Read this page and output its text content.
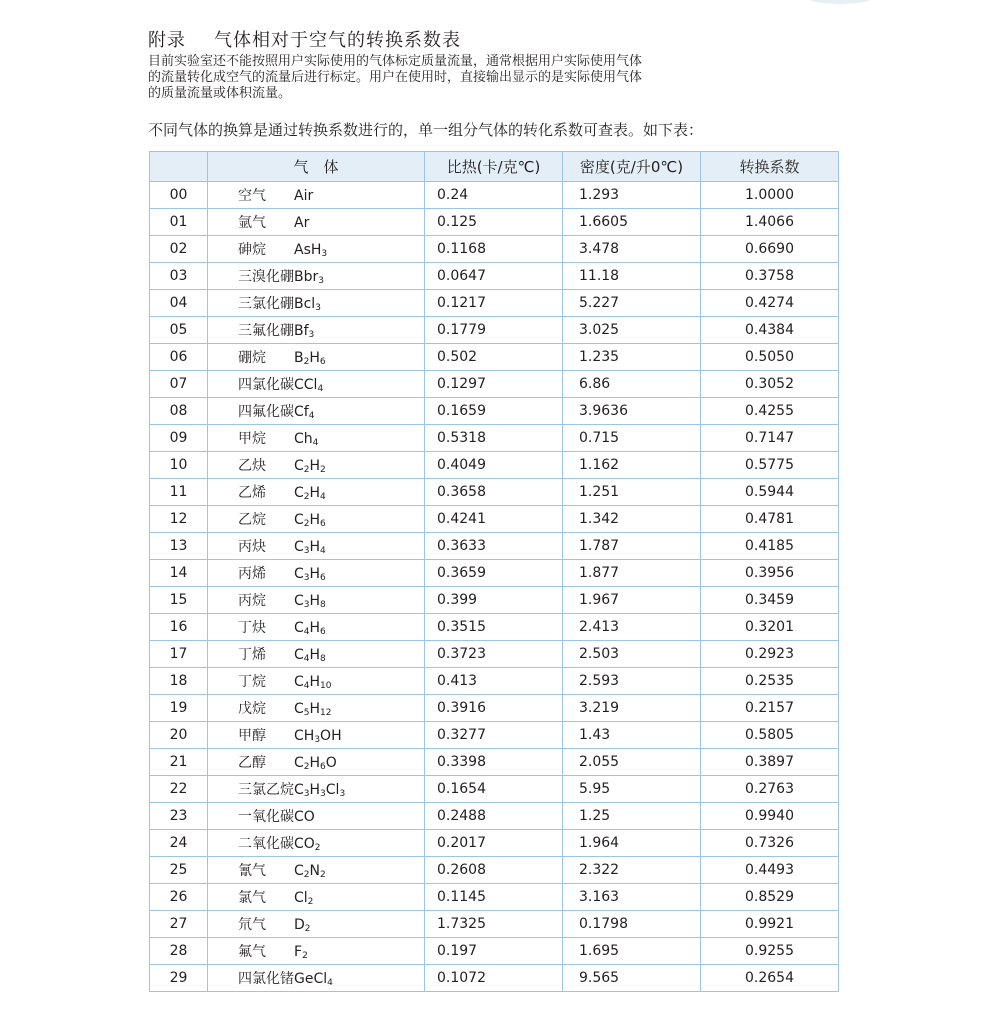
附录 气体相对于空气的转换系数表

目前实验室还不能按照用户实际使用的气体标定质量流量，通常根据用户实际使用气体
的流量转化成空气的流量后进行标定。用户在使用时，直接输出显示的是实际使用气体
的质量流量或体积流量。

不同气体的换算是通过转换系数进行的，单一组分气体的转化系数可查表。如下表：

	气　体	比热(卡/克℃)	密度(克/升0℃)	转换系数
00	空气 Air	0.24	1.293	1.0000
01	氩气 Ar	0.125	1.6605	1.4066
02	砷烷 AsH$_3$	0.1168	3.478	0.6690
03	三溴化硼Bbr$_3$	0.0647	11.18	0.3758
04	三氯化硼Bcl$_3$	0.1217	5.227	0.4274
05	三氟化硼$Bf_3$	0.1779	3.025	0.4384
06	硼烷 $B_2H_6$	0.502	1.235	0.5050
07	四氯化碳CCl$_4$	0.1297	6.86	0.3052
08	四氟化碳$Cf_4$	0.1659	3.9636	0.4255
09	甲烷 $Ch_4$	0.5318	0.715	0.7147
10	乙炔 $C_2H_2$	0.4049	1.162	0.5775
11	乙烯 $C_2H_4$	0.3658	1.251	0.5944
12	乙烷 $C_2H_6$	0.4241	1.342	0.4781
13	丙炔 $C_3H_4$	0.3633	1.787	0.4185
14	丙烯 $C_3H_6$	0.3659	1.877	0.3956
15	丙烷 $C_3H_8$	0.399	1.967	0.3459
16	丁炔 $C_4H_6$	0.3515	2.413	0.3201
17	丁烯 $C_4H_8$	0.3723	2.503	0.2923
18	丁烷 $C_4H_{10}$	0.413	2.593	0.2535
19	戊烷 $C_5H_{12}$	0.3916	3.219	0.2157
20	甲醇 $CH_3OH$	0.3277	1.43	0.5805
21	乙醇 $C_2H_6O$	0.3398	2.055	0.3897
22	三氯乙烷$C_3H_3Cl_3$	0.1654	5.95	0.2763
23	一氧化碳CO	0.2488	1.25	0.9940
24	二氧化碳$CO_2$	0.2017	1.964	0.7326
25	氰气 $C_2N_2$	0.2608	2.322	0.4493
26	氯气 $Cl_2$	0.1145	3.163	0.8529
27	氘气 $D_2$	1.7325	0.1798	0.9921
28	氟气 $F_2$	0.197	1.695	0.9255
29	四氯化锗GeCl$_4$	0.1072	9.565	0.2654
